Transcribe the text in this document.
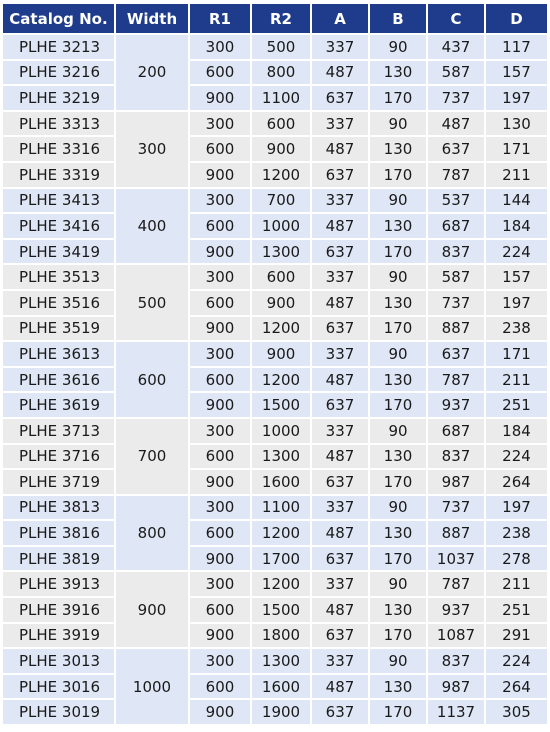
Catalog No.	Width	R1	R2	A	B	C	D
PLHE 3213	200	300	500	337	90	437	117
PLHE 3216		600	800	487	130	587	157
PLHE 3219		900	1100	637	170	737	197
PLHE 3313	300	300	600	337	90	487	130
PLHE 3316		600	900	487	130	637	171
PLHE 3319		900	1200	637	170	787	211
PLHE 3413	400	300	700	337	90	537	144
PLHE 3416		600	1000	487	130	687	184
PLHE 3419		900	1300	637	170	837	224
PLHE 3513	500	300	600	337	90	587	157
PLHE 3516		600	900	487	130	737	197
PLHE 3519		900	1200	637	170	887	238
PLHE 3613	600	300	900	337	90	637	171
PLHE 3616		600	1200	487	130	787	211
PLHE 3619		900	1500	637	170	937	251
PLHE 3713	700	300	1000	337	90	687	184
PLHE 3716		600	1300	487	130	837	224
PLHE 3719		900	1600	637	170	987	264
PLHE 3813	800	300	1100	337	90	737	197
PLHE 3816		600	1200	487	130	887	238
PLHE 3819		900	1700	637	170	1037	278
PLHE 3913	900	300	1200	337	90	787	211
PLHE 3916		600	1500	487	130	937	251
PLHE 3919		900	1800	637	170	1087	291
PLHE 3013	1000	300	1300	337	90	837	224
PLHE 3016		600	1600	487	130	987	264
PLHE 3019		900	1900	637	170	1137	305
